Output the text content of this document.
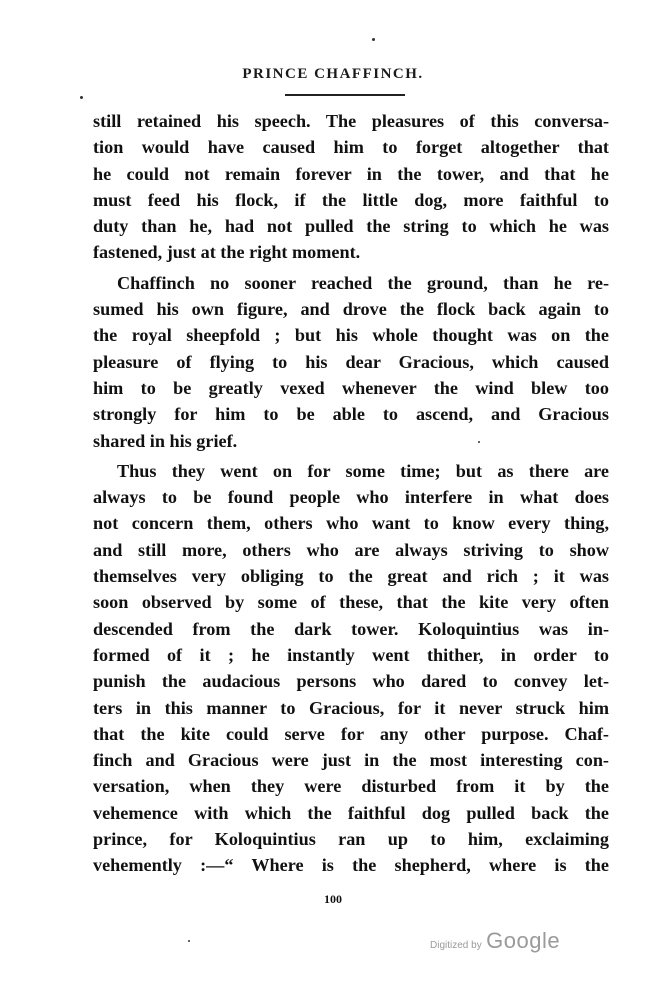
PRINCE CHAFFINCH.
still retained his speech. The pleasures of this conversa-
tion would have caused him to forget altogether that
he could not remain forever in the tower, and that he
must feed his flock, if the little dog, more faithful to
duty than he, had not pulled the string to which he was
fastened, just at the right moment.
Chaffinch no sooner reached the ground, than he re-
sumed his own figure, and drove the flock back again to
the royal sheepfold ; but his whole thought was on the
pleasure of flying to his dear Gracious, which caused
him to be greatly vexed whenever the wind blew too
strongly for him to be able to ascend, and Gracious
shared in his grief.
Thus they went on for some time; but as there are
always to be found people who interfere in what does
not concern them, others who want to know every thing,
and still more, others who are always striving to show
themselves very obliging to the great and rich ; it was
soon observed by some of these, that the kite very often
descended from the dark tower. Koloquintius was in-
formed of it ; he instantly went thither, in order to
punish the audacious persons who dared to convey let-
ters in this manner to Gracious, for it never struck him
that the kite could serve for any other purpose. Chaf-
finch and Gracious were just in the most interesting con-
versation, when they were disturbed from it by the
vehemence with which the faithful dog pulled back the
prince, for Koloquintius ran up to him, exclaiming
vehemently :—“ Where is the shepherd, where is the
100
Digitized by Google
